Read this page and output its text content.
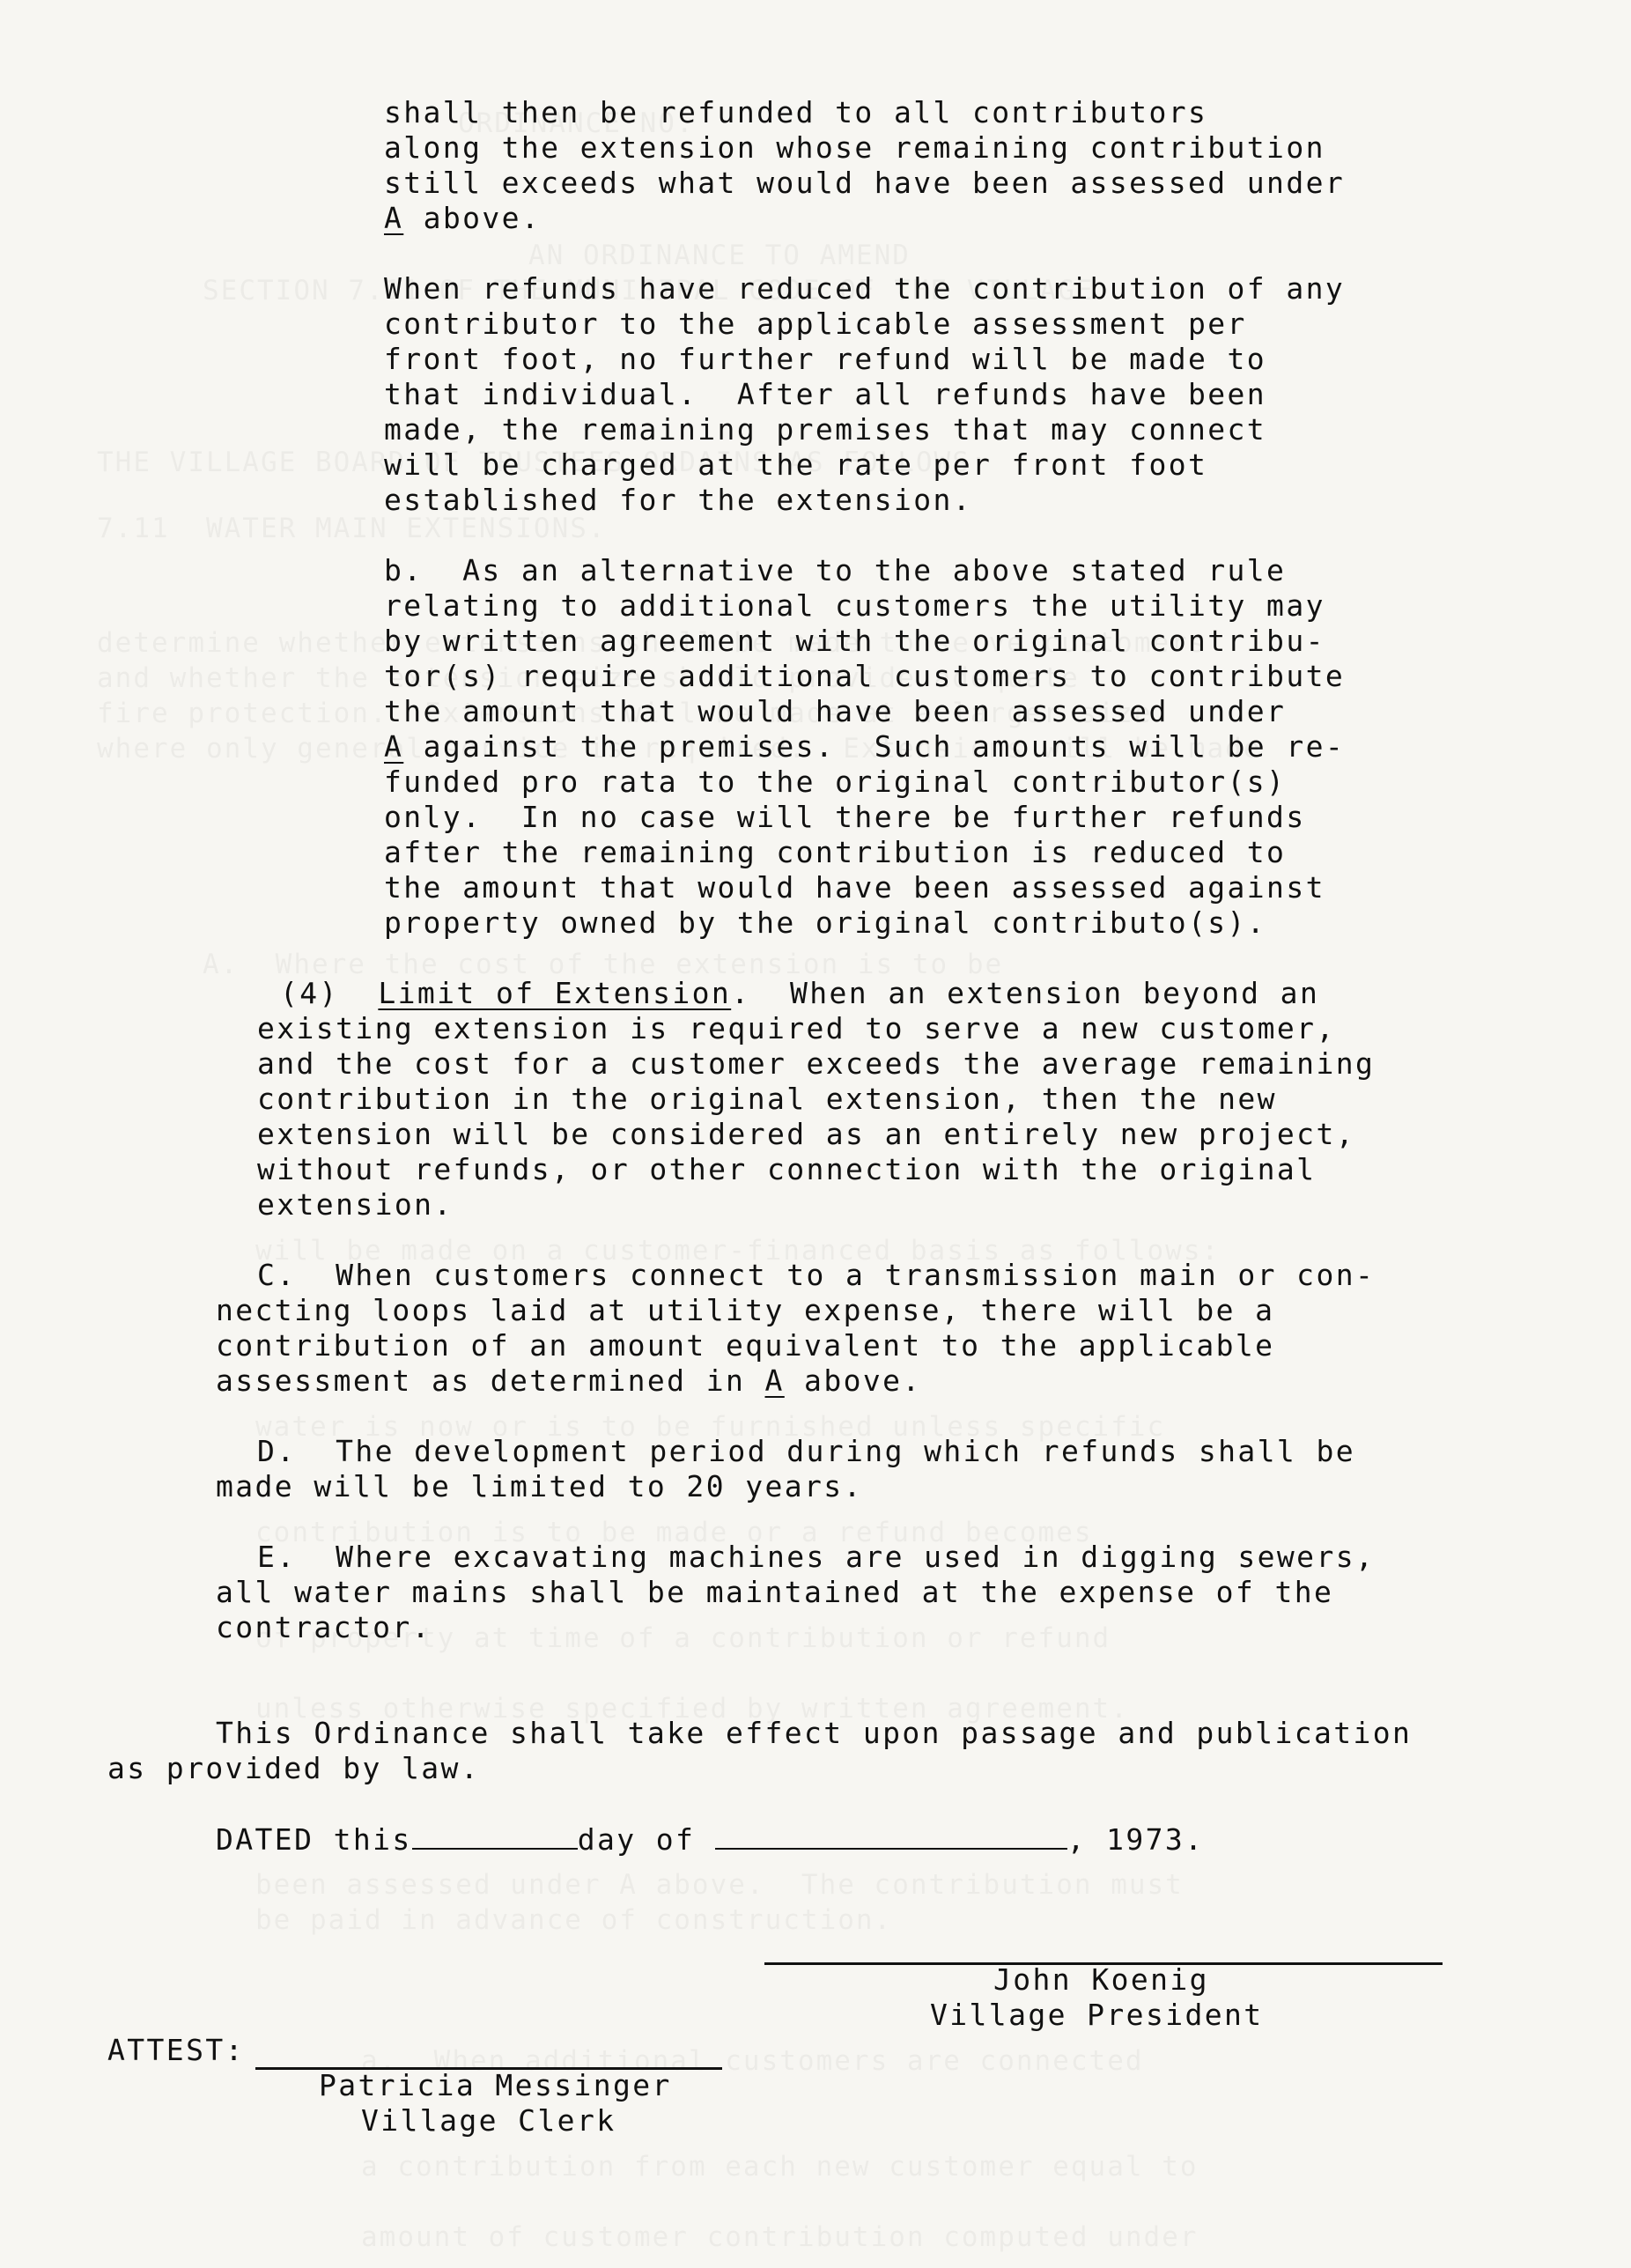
shall then be refunded to all contributors
along the extension whose remaining contribution
still exceeds what would have been assessed under
A above.
When refunds have reduced the contribution of any
contributor to the applicable assessment per
front foot, no further refund will be made to
that individual.  After all refunds have been
made, the remaining premises that may connect
will be charged at the rate per front foot
established for the extension.
b.  As an alternative to the above stated rule
relating to additional customers the utility may
by written agreement with the original contribu-
tor(s) require additional customers to contribute
the amount that would have been assessed under
A against the premises.  Such amounts will be re-
funded pro rata to the original contributor(s)
only.  In no case will there be further refunds
after the remaining contribution is reduced to
the amount that would have been assessed against
property owned by the original contributo(s).
(4) Limit of Extension.  When an extension beyond an
existing extension is required to serve a new customer,
and the cost for a customer exceeds the average remaining
contribution in the original extension, then the new
extension will be considered as an entirely new project,
without refunds, or other connection with the original
extension.
C.  When customers connect to a transmission main or con-
necting loops laid at utility expense, there will be a
contribution of an amount equivalent to the applicable
assessment as determined in A above.
D.  The development period during which refunds shall be
made will be limited to 20 years.
E.  Where excavating machines are used in digging sewers,
all water mains shall be maintained at the expense of the
contractor.
This Ordinance shall take effect upon passage and publication
as provided by law.
DATED this	day of	, 1973.
John Koenig
Village President
ATTEST:
Patricia Messinger
Village Clerk
